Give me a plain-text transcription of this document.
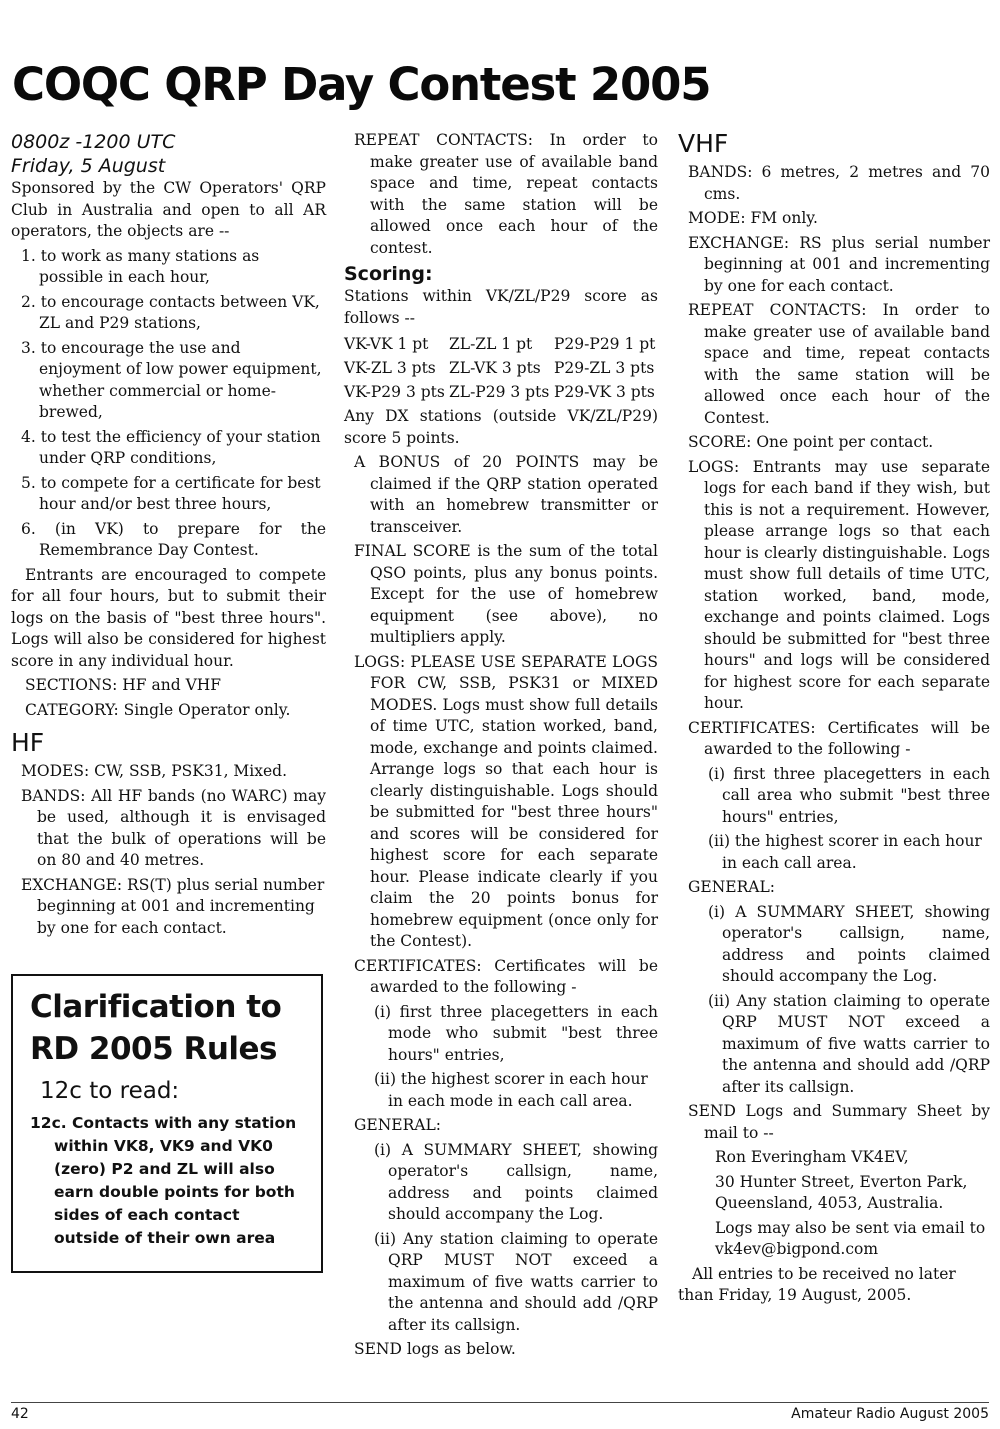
COQC QRP Day Contest 2005
0800z -1200 UTC
Friday, 5 August

Sponsored by the CW Operators' QRP Club in Australia and open to all AR operators, the objects are --

1. to work as many stations as possible in each hour,

2. to encourage contacts between VK, ZL and P29 stations,

3. to encourage the use and enjoyment of low power equipment, whether commercial or home-brewed,

4. to test the efficiency of your station under QRP conditions,

5. to compete for a certificate for best hour and/or best three hours,

6. (in VK) to prepare for the Remembrance Day Contest.

Entrants are encouraged to compete for all four hours, but to submit their logs on the basis of "best three hours". Logs will also be considered for highest score in any individual hour.

SECTIONS: HF and VHF

CATEGORY: Single Operator only.

HF

MODES: CW, SSB, PSK31, Mixed.

BANDS: All HF bands (no WARC) may be used, although it is envisaged that the bulk of operations will be on 80 and 40 metres.

EXCHANGE: RS(T) plus serial number beginning at 001 and incrementing by one for each contact.

Clarification to
RD 2005 Rules
12c to read:
12c. Contacts with any station within VK8, VK9 and VK0 (zero) P2 and ZL will also earn double points for both sides of each contact outside of their own area

REPEAT CONTACTS: In order to make greater use of available band space and time, repeat contacts with the same station will be allowed once each hour of the contest.

Scoring:

Stations within VK/ZL/P29 score as follows --

VK-VK 1 pt	ZL-ZL 1 pt	P29-P29 1 pt
VK-ZL 3 pts ZL-VK 3 pts P29-ZL 3 pts
VK-P29 3 pts ZL-P29 3 pts P29-VK 3 pts

Any DX stations (outside VK/ZL/P29) score 5 points.

A BONUS of 20 POINTS may be claimed if the QRP station operated with an homebrew transmitter or transceiver.

FINAL SCORE is the sum of the total QSO points, plus any bonus points. Except for the use of homebrew equipment (see above), no multipliers apply.

LOGS: PLEASE USE SEPARATE LOGS FOR CW, SSB, PSK31 or MIXED MODES. Logs must show full details of time UTC, station worked, band, mode, exchange and points claimed. Arrange logs so that each hour is clearly distinguishable. Logs should be submitted for "best three hours" and scores will be considered for highest score for each separate hour. Please indicate clearly if you claim the 20 points bonus for homebrew equipment (once only for the Contest).

CERTIFICATES: Certificates will be awarded to the following -

(i) first three placegetters in each mode who submit "best three hours" entries,

(ii) the highest scorer in each hour in each mode in each call area.

GENERAL:

(i) A SUMMARY SHEET, showing operator's callsign, name, address and points claimed should accompany the Log.

(ii) Any station claiming to operate QRP MUST NOT exceed a maximum of five watts carrier to the antenna and should add /QRP after its callsign.

SEND logs as below.

VHF

BANDS: 6 metres, 2 metres and 70 cms.

MODE: FM only.

EXCHANGE: RS plus serial number beginning at 001 and incrementing by one for each contact.

REPEAT CONTACTS: In order to make greater use of available band space and time, repeat contacts with the same station will be allowed once each hour of the Contest.

SCORE: One point per contact.

LOGS: Entrants may use separate logs for each band if they wish, but this is not a requirement. However, please arrange logs so that each hour is clearly distinguishable. Logs must show full details of time UTC, station worked, band, mode, exchange and points claimed. Logs should be submitted for "best three hours" and logs will be considered for highest score for each separate hour.

CERTIFICATES: Certificates will be awarded to the following -

(i) first three placegetters in each call area who submit "best three hours" entries,

(ii) the highest scorer in each hour in each call area.

GENERAL:

(i) A SUMMARY SHEET, showing operator's callsign, name, address and points claimed should accompany the Log.

(ii) Any station claiming to operate QRP MUST NOT exceed a maximum of five watts carrier to the antenna and should add /QRP after its callsign.

SEND Logs and Summary Sheet by mail to --

Ron Everingham VK4EV,

30 Hunter Street, Everton Park, Queensland, 4053, Australia.

Logs may also be sent via email to vk4ev@bigpond.com

All entries to be received no later than Friday, 19 August, 2005.

42	Amateur Radio August 2005
